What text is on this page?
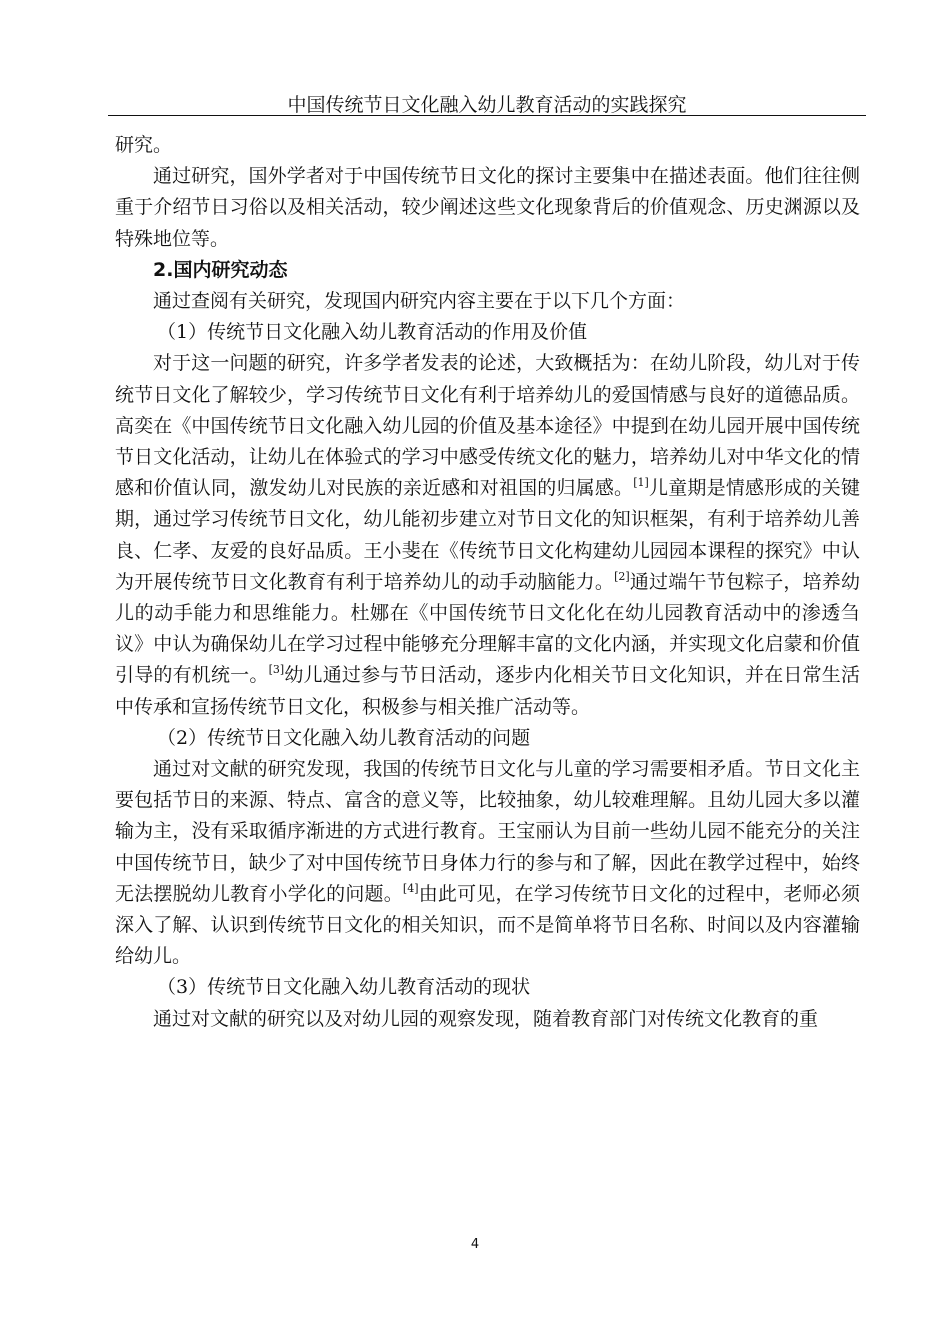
中国传统节日文化融入幼儿教育活动的实践探究

研究。

通过研究，国外学者对于中国传统节日文化的探讨主要集中在描述表面。他们往往侧重于介绍节日习俗以及相关活动，较少阐述这些文化现象背后的价值观念、历史渊源以及特殊地位等。

2.国内研究动态

通过查阅有关研究，发现国内研究内容主要在于以下几个方面：

（1）传统节日文化融入幼儿教育活动的作用及价值

对于这一问题的研究，许多学者发表的论述，大致概括为：在幼儿阶段，幼儿对于传统节日文化了解较少，学习传统节日文化有利于培养幼儿的爱国情感与良好的道德品质。高奕在《中国传统节日文化融入幼儿园的价值及基本途径》中提到在幼儿园开展中国传统节日文化活动，让幼儿在体验式的学习中感受传统文化的魅力，培养幼儿对中华文化的情感和价值认同，激发幼儿对民族的亲近感和对祖国的归属感。[1]儿童期是情感形成的关键期，通过学习传统节日文化，幼儿能初步建立对节日文化的知识框架，有利于培养幼儿善良、仁孝、友爱的良好品质。王小斐在《传统节日文化构建幼儿园园本课程的探究》中认为开展传统节日文化教育有利于培养幼儿的动手动脑能力。[2]通过端午节包粽子，培养幼儿的动手能力和思维能力。杜娜在《中国传统节日文化化在幼儿园教育活动中的渗透刍议》中认为确保幼儿在学习过程中能够充分理解丰富的文化内涵，并实现文化启蒙和价值引导的有机统一。[3]幼儿通过参与节日活动，逐步内化相关节日文化知识，并在日常生活中传承和宣扬传统节日文化，积极参与相关推广活动等。

（2）传统节日文化融入幼儿教育活动的问题

通过对文献的研究发现，我国的传统节日文化与儿童的学习需要相矛盾。节日文化主要包括节日的来源、特点、富含的意义等，比较抽象，幼儿较难理解。且幼儿园大多以灌输为主，没有采取循序渐进的方式进行教育。王宝丽认为目前一些幼儿园不能充分的关注中国传统节日，缺少了对中国传统节日身体力行的参与和了解，因此在教学过程中，始终无法摆脱幼儿教育小学化的问题。[4]由此可见，在学习传统节日文化的过程中，老师必须深入了解、认识到传统节日文化的相关知识，而不是简单将节日名称、时间以及内容灌输给幼儿。

（3）传统节日文化融入幼儿教育活动的现状

通过对文献的研究以及对幼儿园的观察发现，随着教育部门对传统文化教育的重

4
